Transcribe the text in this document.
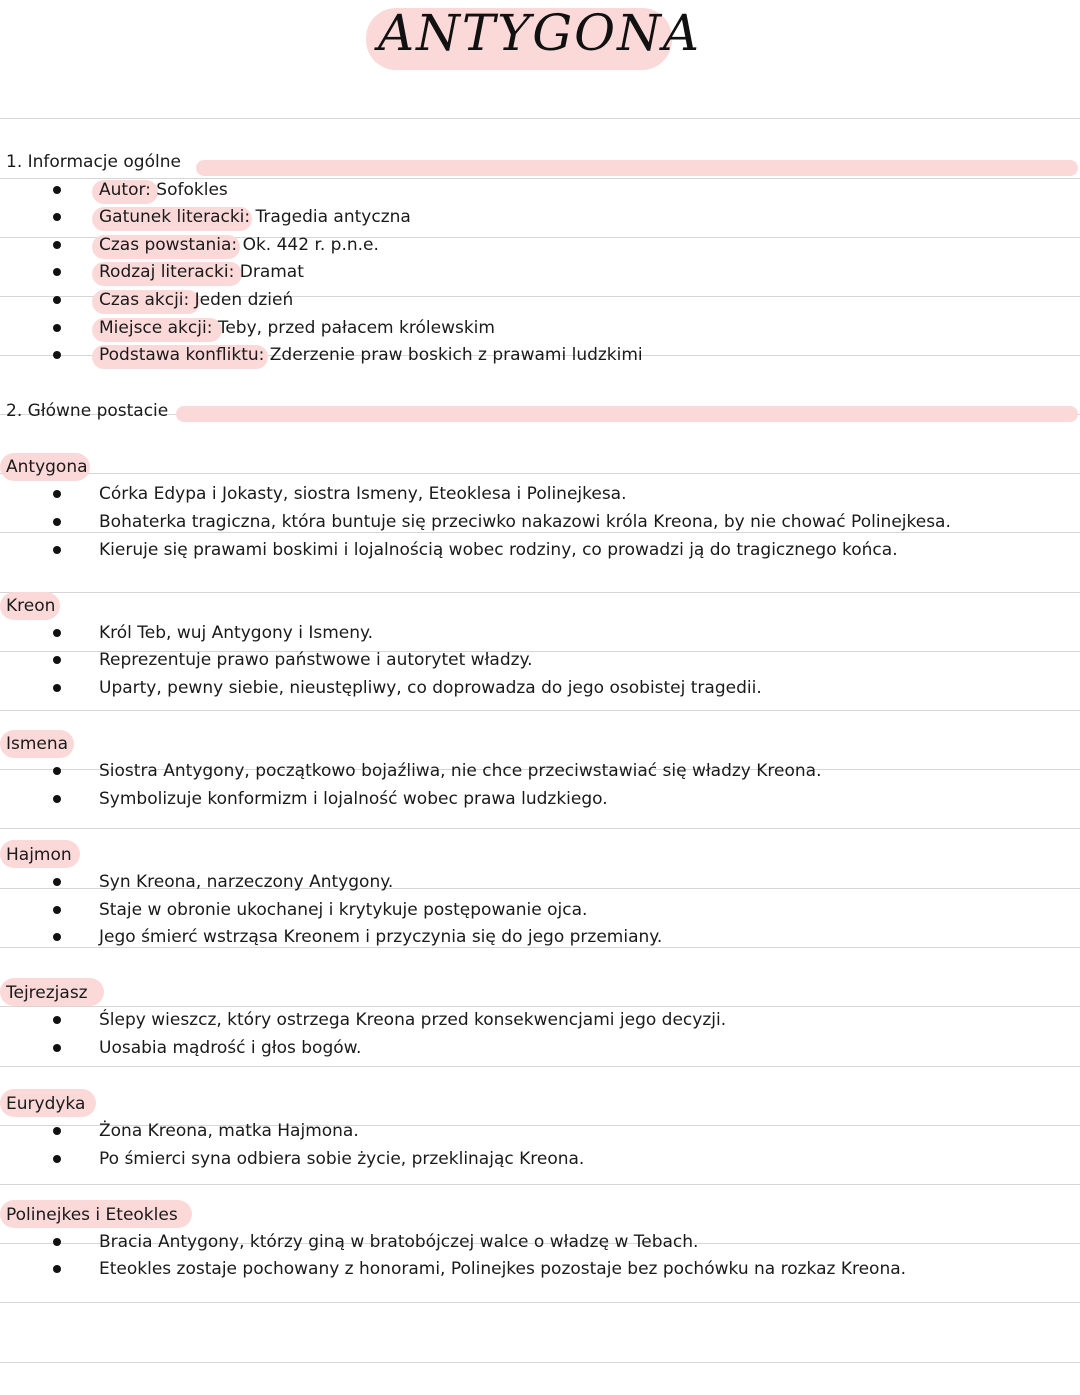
ANTYGONA
1. Informacje ogólne
Autor: Sofokles
Gatunek literacki: Tragedia antyczna
Czas powstania: Ok. 442 r. p.n.e.
Rodzaj literacki: Dramat
Czas akcji: Jeden dzień
Miejsce akcji: Teby, przed pałacem królewskim
Podstawa konfliktu: Zderzenie praw boskich z prawami ludzkimi
2. Główne postacie
Antygona
Córka Edypa i Jokasty, siostra Ismeny, Eteoklesa i Polinejkesa.
Bohaterka tragiczna, która buntuje się przeciwko nakazowi króla Kreona, by nie chować Polinejkesa.
Kieruje się prawami boskimi i lojalnością wobec rodziny, co prowadzi ją do tragicznego końca.
Kreon
Król Teb, wuj Antygony i Ismeny.
Reprezentuje prawo państwowe i autorytet władzy.
Uparty, pewny siebie, nieustępliwy, co doprowadza do jego osobistej tragedii.
Ismena
Siostra Antygony, początkowo bojaźliwa, nie chce przeciwstawiać się władzy Kreona.
Symbolizuje konformizm i lojalność wobec prawa ludzkiego.
Hajmon
Syn Kreona, narzeczony Antygony.
Staje w obronie ukochanej i krytykuje postępowanie ojca.
Jego śmierć wstrząsa Kreonem i przyczynia się do jego przemiany.
Tejrezjasz
Ślepy wieszcz, który ostrzega Kreona przed konsekwencjami jego decyzji.
Uosabia mądrość i głos bogów.
Eurydyka
Żona Kreona, matka Hajmona.
Po śmierci syna odbiera sobie życie, przeklinając Kreona.
Polinejkes i Eteokles
Bracia Antygony, którzy giną w bratobójczej walce o władzę w Tebach.
Eteokles zostaje pochowany z honorami, Polinejkes pozostaje bez pochówku na rozkaz Kreona.
